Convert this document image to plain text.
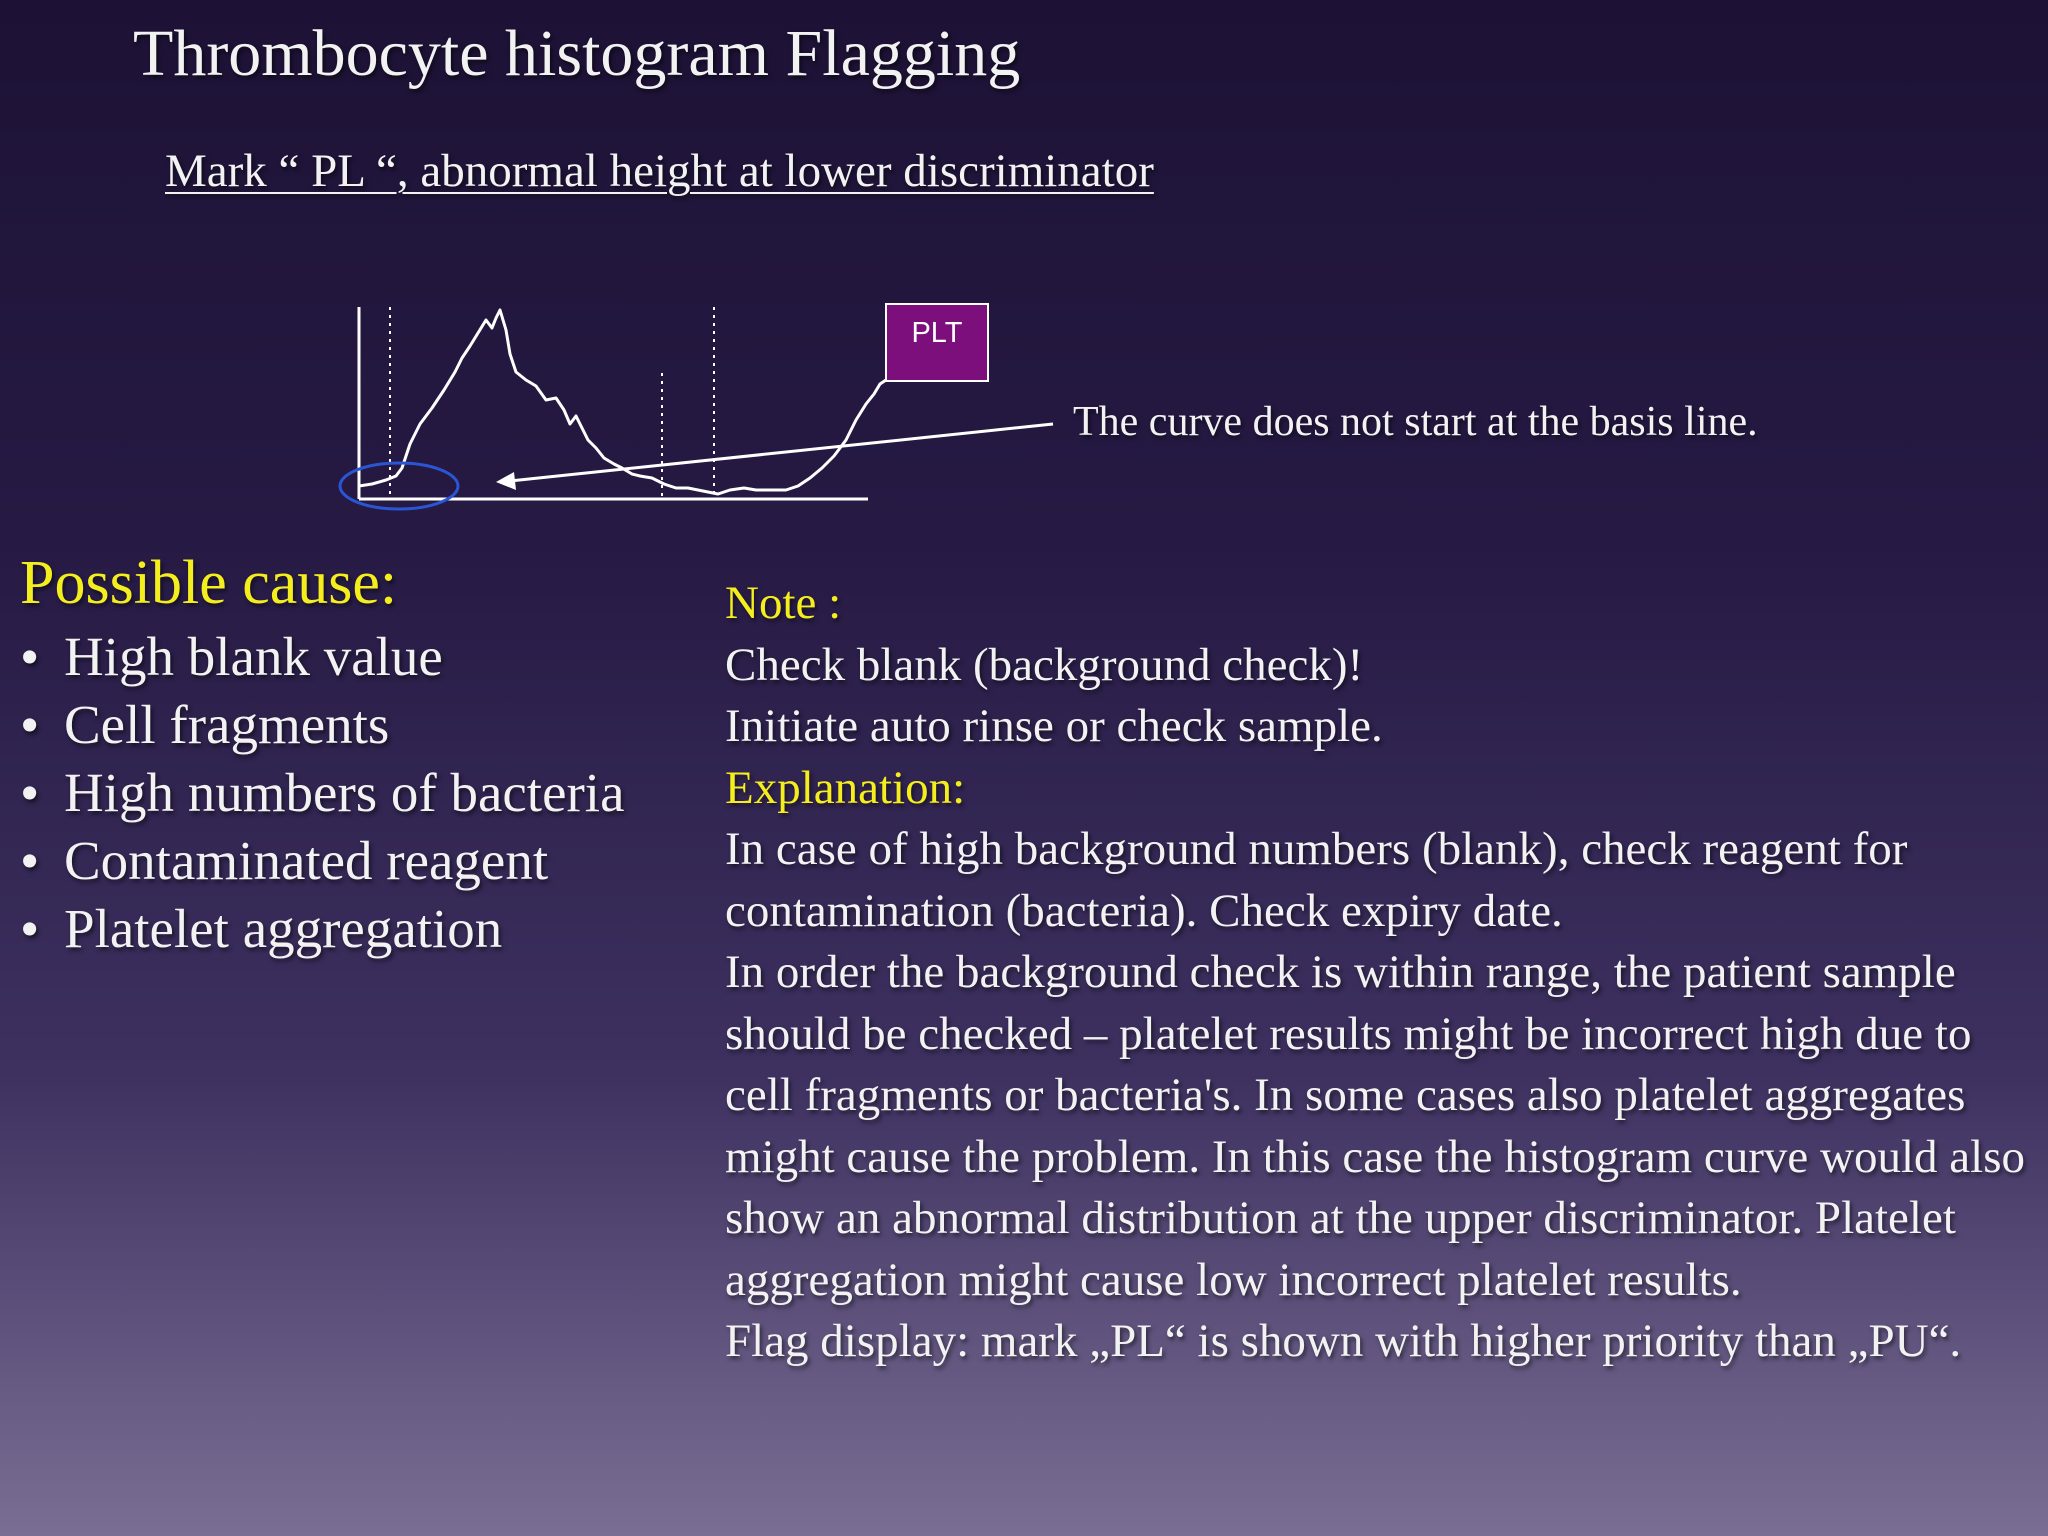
Thrombocyte histogram Flagging
Mark “ PL “, abnormal height at lower discriminator
PLT
The curve does not start at the basis line.
Possible cause:
• High blank value
• Cell fragments
• High numbers of bacteria
• Contaminated reagent
• Platelet aggregation

Note :

Check blank (background check)!

Initiate auto rinse or check sample.

Explanation:

In case of high background numbers (blank), check reagent for contamination (bacteria). Check expiry date.

In order the background check is within range, the patient sample should be checked – platelet results might be incorrect high due to cell fragments or bacteria's. In some cases also platelet aggregates might cause the problem. In this case the histogram curve would also show an abnormal distribution at the upper discriminator. Platelet aggregation might cause low incorrect platelet results.

Flag display: mark „PL“ is shown with higher priority than „PU“.
